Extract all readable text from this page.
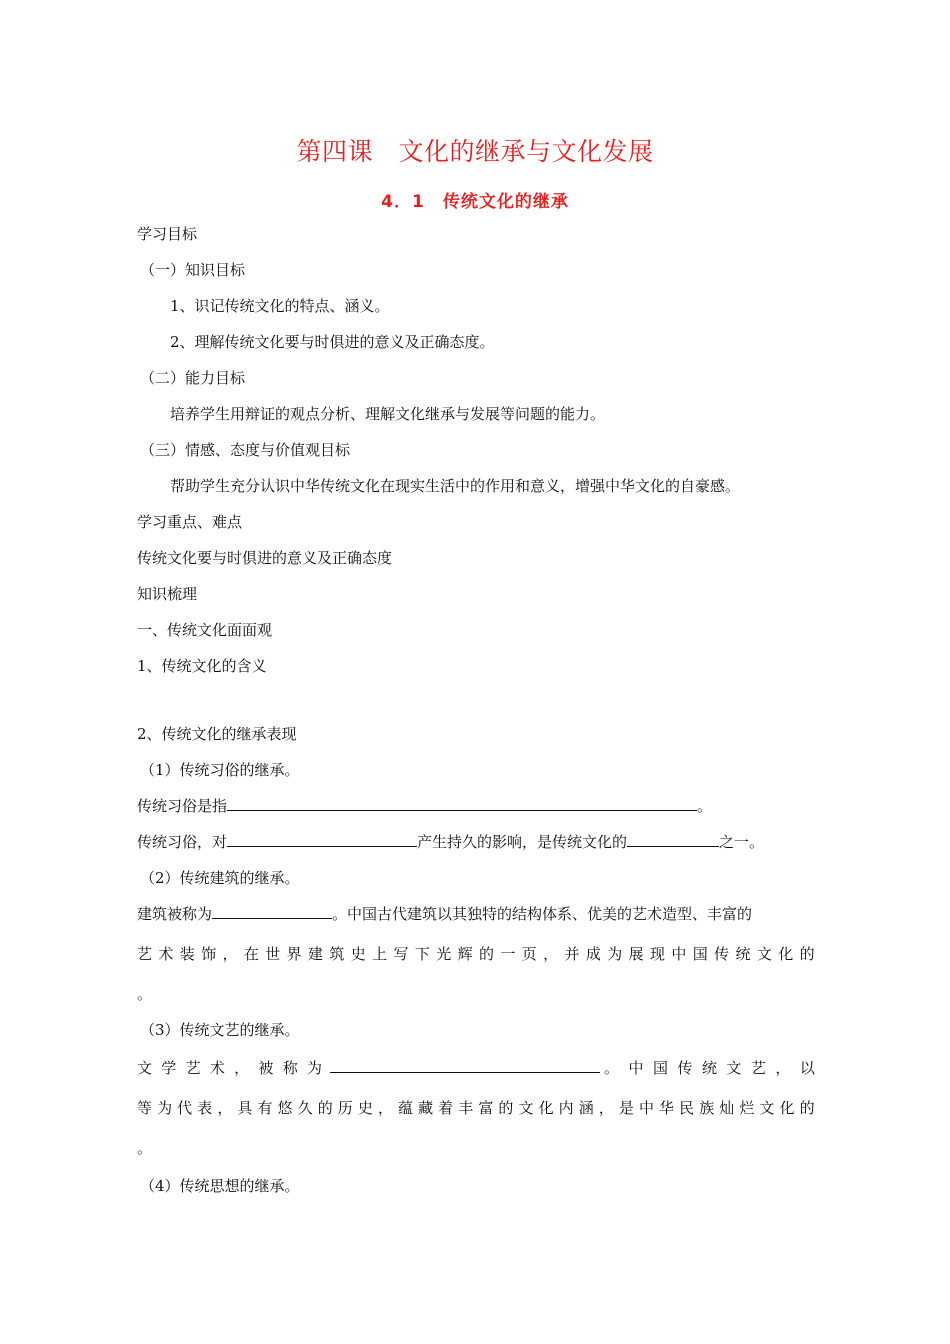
第四课　文化的继承与文化发展
4．1　传统文化的继承
学习目标
（一）知识目标
1、识记传统文化的特点、涵义。
2、理解传统文化要与时俱进的意义及正确态度。
（二）能力目标
培养学生用辩证的观点分析、理解文化继承与发展等问题的能力。
（三）情感、态度与价值观目标
帮助学生充分认识中华传统文化在现实生活中的作用和意义，增强中华文化的自豪感。
学习重点、难点
传统文化要与时俱进的意义及正确态度
知识梳理
一、传统文化面面观
1、传统文化的含义
2、传统文化的继承表现
（1）传统习俗的继承。
传统习俗是指	。
传统习俗，对	产生持久的影响，是传统文化的	之一。
（2）传统建筑的继承。
建筑被称为	。中国古代建筑以其独特的结构体系、优美的艺术造型、丰富的
艺 术 装 饰 ， 在 世 界 建 筑 史 上 写 下 光 辉 的 一 页 ， 并 成 为 展 现 中 国 传 统 文 化 的
。
（3）传统文艺的继承。
文 学 艺 术 ， 被 称 为	。 中 国 传 统 文 艺 ， 以
等 为 代 表 ， 具 有 悠 久 的 历 史 ， 蕴 藏 着 丰 富 的 文 化 内 涵 ， 是 中 华 民 族 灿 烂 文 化 的
。
（4）传统思想的继承。
